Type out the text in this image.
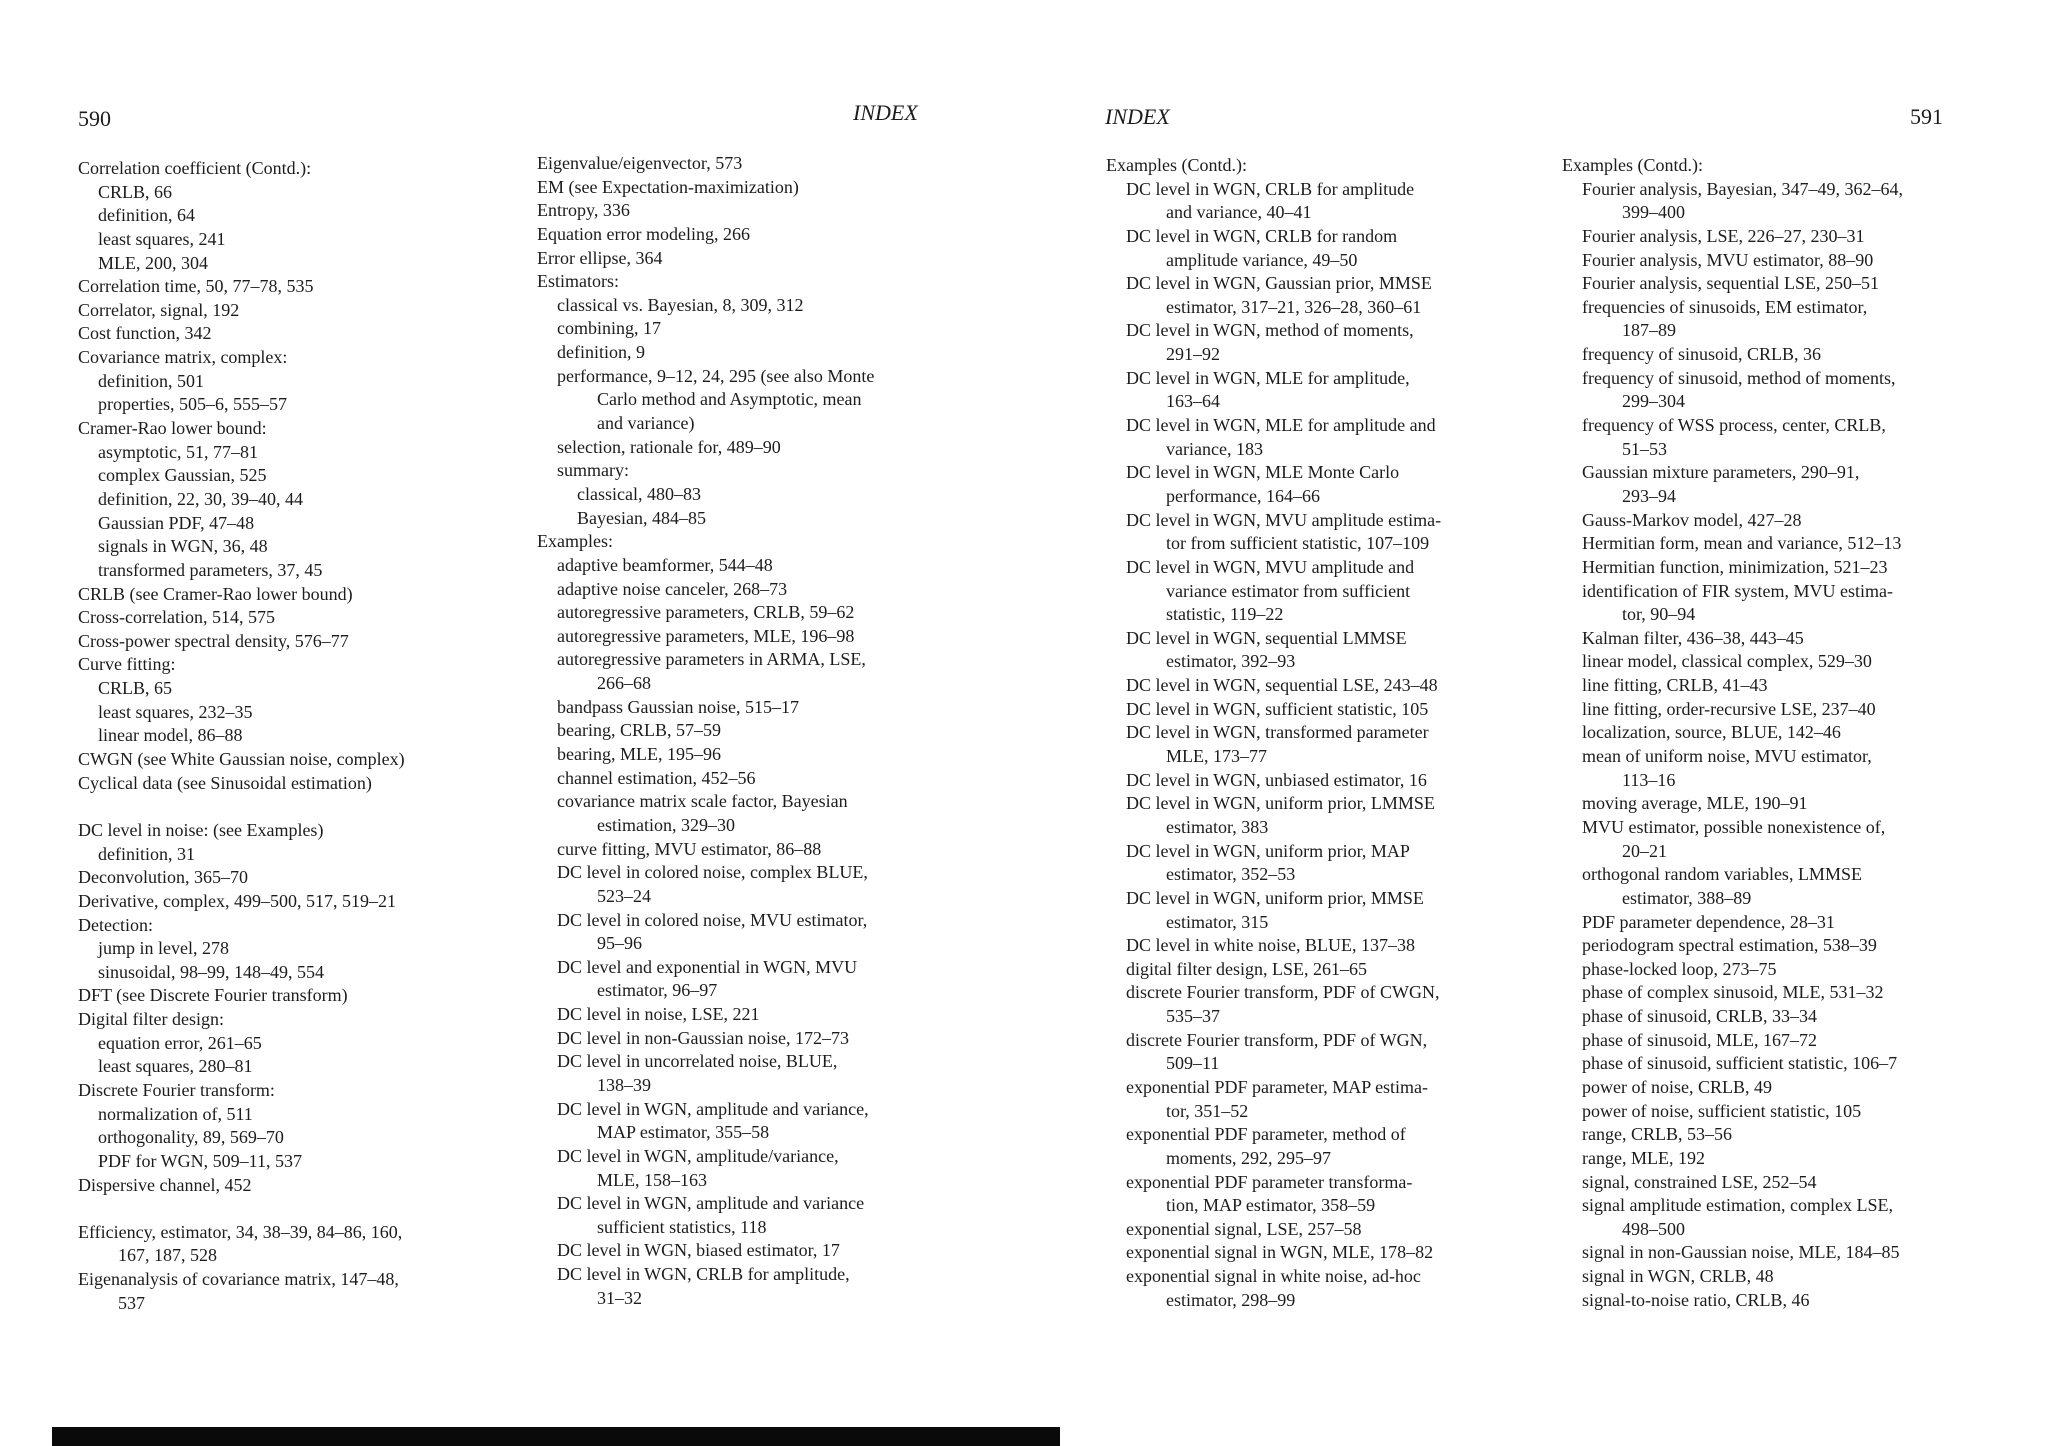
590	INDEX
Correlation coefficient (Contd.):
CRLB, 66
definition, 64
least squares, 241
MLE, 200, 304
Correlation time, 50, 77–78, 535
Correlator, signal, 192
Cost function, 342
Covariance matrix, complex:
definition, 501
properties, 505–6, 555–57
Cramer-Rao lower bound:
asymptotic, 51, 77–81
complex Gaussian, 525
definition, 22, 30, 39–40, 44
Gaussian PDF, 47–48
signals in WGN, 36, 48
transformed parameters, 37, 45
CRLB (see Cramer-Rao lower bound)
Cross-correlation, 514, 575
Cross-power spectral density, 576–77
Curve fitting:
CRLB, 65
least squares, 232–35
linear model, 86–88
CWGN (see White Gaussian noise, complex)
Cyclical data (see Sinusoidal estimation)
DC level in noise: (see Examples)
definition, 31
Deconvolution, 365–70
Derivative, complex, 499–500, 517, 519–21
Detection:
jump in level, 278
sinusoidal, 98–99, 148–49, 554
DFT (see Discrete Fourier transform)
Digital filter design:
equation error, 261–65
least squares, 280–81
Discrete Fourier transform:
normalization of, 511
orthogonality, 89, 569–70
PDF for WGN, 509–11, 537
Dispersive channel, 452
Efficiency, estimator, 34, 38–39, 84–86, 160,
167, 187, 528
Eigenanalysis of covariance matrix, 147–48,
537
Eigenvalue/eigenvector, 573
EM (see Expectation-maximization)
Entropy, 336
Equation error modeling, 266
Error ellipse, 364
Estimators:
classical vs. Bayesian, 8, 309, 312
combining, 17
definition, 9
performance, 9–12, 24, 295 (see also Monte
Carlo method and Asymptotic, mean
and variance)
selection, rationale for, 489–90
summary:
classical, 480–83
Bayesian, 484–85
Examples:
adaptive beamformer, 544–48
adaptive noise canceler, 268–73
autoregressive parameters, CRLB, 59–62
autoregressive parameters, MLE, 196–98
autoregressive parameters in ARMA, LSE,
266–68
bandpass Gaussian noise, 515–17
bearing, CRLB, 57–59
bearing, MLE, 195–96
channel estimation, 452–56
covariance matrix scale factor, Bayesian
estimation, 329–30
curve fitting, MVU estimator, 86–88
DC level in colored noise, complex BLUE,
523–24
DC level in colored noise, MVU estimator,
95–96
DC level and exponential in WGN, MVU
estimator, 96–97
DC level in noise, LSE, 221
DC level in non-Gaussian noise, 172–73
DC level in uncorrelated noise, BLUE,
138–39
DC level in WGN, amplitude and variance,
MAP estimator, 355–58
DC level in WGN, amplitude/variance,
MLE, 158–163
DC level in WGN, amplitude and variance
sufficient statistics, 118
DC level in WGN, biased estimator, 17
DC level in WGN, CRLB for amplitude,
31–32
INDEX	591
Examples (Contd.):
DC level in WGN, CRLB for amplitude
and variance, 40–41
DC level in WGN, CRLB for random
amplitude variance, 49–50
DC level in WGN, Gaussian prior, MMSE
estimator, 317–21, 326–28, 360–61
DC level in WGN, method of moments,
291–92
DC level in WGN, MLE for amplitude,
163–64
DC level in WGN, MLE for amplitude and
variance, 183
DC level in WGN, MLE Monte Carlo
performance, 164–66
DC level in WGN, MVU amplitude estima-
tor from sufficient statistic, 107–109
DC level in WGN, MVU amplitude and
variance estimator from sufficient
statistic, 119–22
DC level in WGN, sequential LMMSE
estimator, 392–93
DC level in WGN, sequential LSE, 243–48
DC level in WGN, sufficient statistic, 105
DC level in WGN, transformed parameter
MLE, 173–77
DC level in WGN, unbiased estimator, 16
DC level in WGN, uniform prior, LMMSE
estimator, 383
DC level in WGN, uniform prior, MAP
estimator, 352–53
DC level in WGN, uniform prior, MMSE
estimator, 315
DC level in white noise, BLUE, 137–38
digital filter design, LSE, 261–65
discrete Fourier transform, PDF of CWGN,
535–37
discrete Fourier transform, PDF of WGN,
509–11
exponential PDF parameter, MAP estima-
tor, 351–52
exponential PDF parameter, method of
moments, 292, 295–97
exponential PDF parameter transforma-
tion, MAP estimator, 358–59
exponential signal, LSE, 257–58
exponential signal in WGN, MLE, 178–82
exponential signal in white noise, ad-hoc
estimator, 298–99
Examples (Contd.):
Fourier analysis, Bayesian, 347–49, 362–64,
399–400
Fourier analysis, LSE, 226–27, 230–31
Fourier analysis, MVU estimator, 88–90
Fourier analysis, sequential LSE, 250–51
frequencies of sinusoids, EM estimator,
187–89
frequency of sinusoid, CRLB, 36
frequency of sinusoid, method of moments,
299–304
frequency of WSS process, center, CRLB,
51–53
Gaussian mixture parameters, 290–91,
293–94
Gauss-Markov model, 427–28
Hermitian form, mean and variance, 512–13
Hermitian function, minimization, 521–23
identification of FIR system, MVU estima-
tor, 90–94
Kalman filter, 436–38, 443–45
linear model, classical complex, 529–30
line fitting, CRLB, 41–43
line fitting, order-recursive LSE, 237–40
localization, source, BLUE, 142–46
mean of uniform noise, MVU estimator,
113–16
moving average, MLE, 190–91
MVU estimator, possible nonexistence of,
20–21
orthogonal random variables, LMMSE
estimator, 388–89
PDF parameter dependence, 28–31
periodogram spectral estimation, 538–39
phase-locked loop, 273–75
phase of complex sinusoid, MLE, 531–32
phase of sinusoid, CRLB, 33–34
phase of sinusoid, MLE, 167–72
phase of sinusoid, sufficient statistic, 106–7
power of noise, CRLB, 49
power of noise, sufficient statistic, 105
range, CRLB, 53–56
range, MLE, 192
signal, constrained LSE, 252–54
signal amplitude estimation, complex LSE,
498–500
signal in non-Gaussian noise, MLE, 184–85
signal in WGN, CRLB, 48
signal-to-noise ratio, CRLB, 46
